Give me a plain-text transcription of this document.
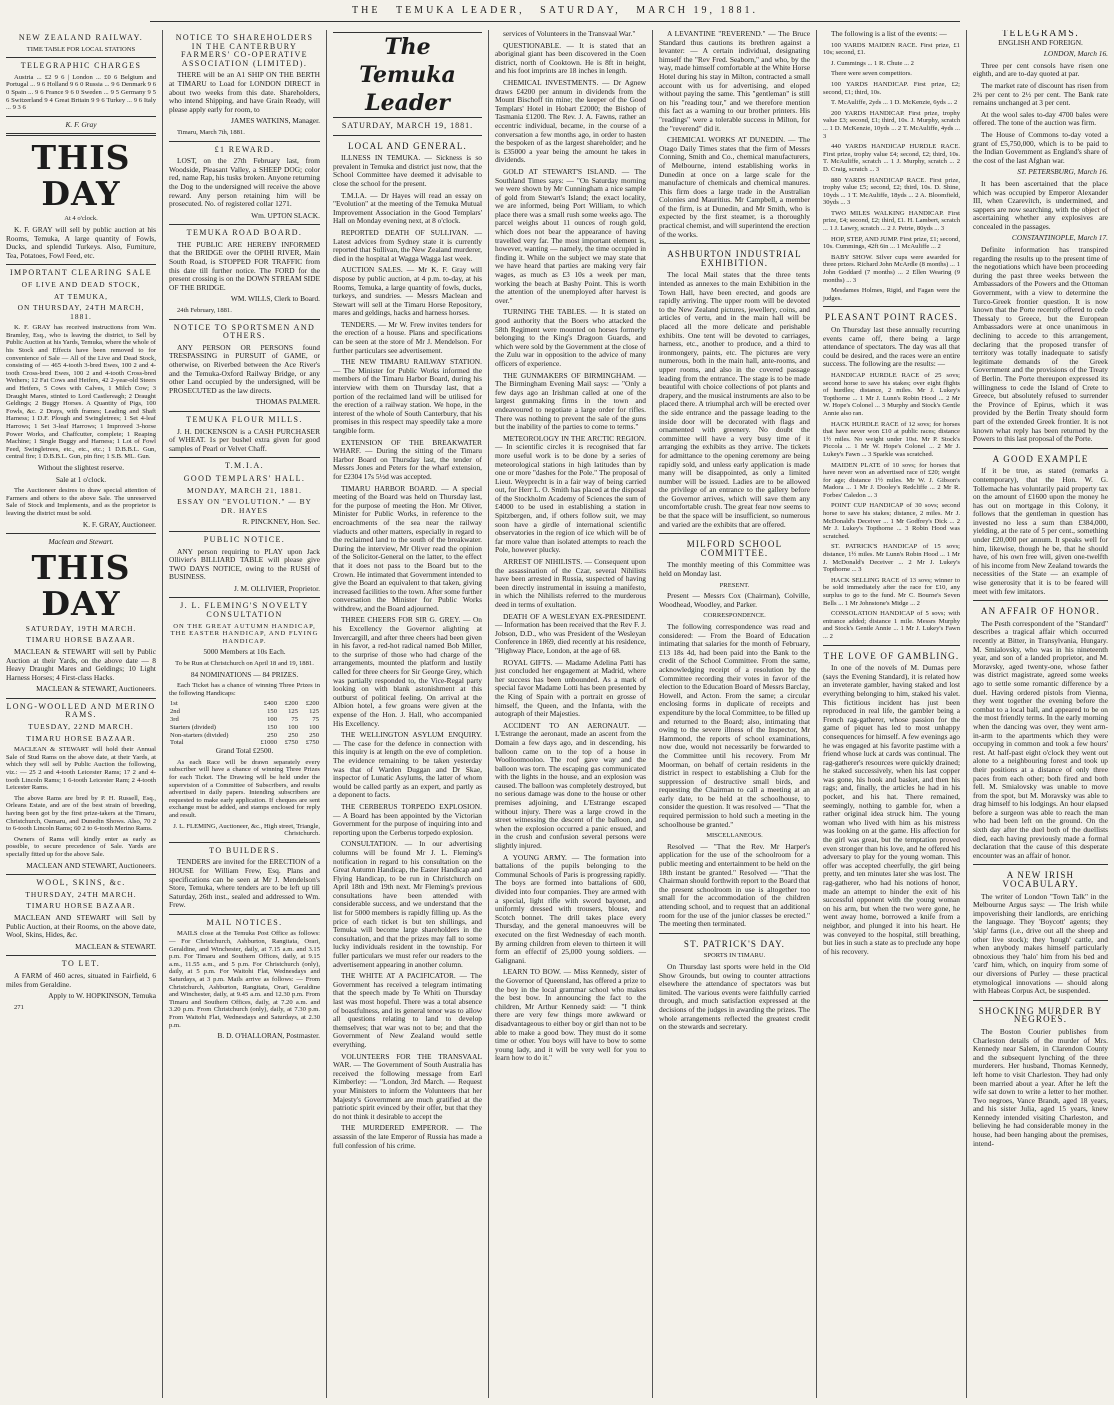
THE TEMUKA LEADER, SATURDAY, MARCH 19, 1881.
NEW ZEALAND RAILWAY.

TIME TABLE FOR LOCAL STATIONS

TELEGRAPHIC CHARGES

Austria ... £2 9 6 | London ... £0 6 Belgium and Portugal ... 9 6 Holland 9 6 0 Russia ... 9 6 Denmark 9 6 0 Spain ... 9 6 France 9 6 0 Sweden ... 9 5 Germany 9 5 6 Switzerland 9 4 Great Britain 9 9 6 Turkey ... 9 6 Italy ... 9 3 6

K. F. Gray

THIS DAY

At 4 o'clock.

K. F. GRAY will sell by public auction at his Rooms, Temuka, A large quantity of Fowls, Ducks, and splendid Turkeys. Also, Furniture, Tea, Potatoes, Fowl Feed, etc.

IMPORTANT CLEARING SALE

OF LIVE AND DEAD STOCK,

AT TEMUKA,

ON THURSDAY, 24TH MARCH, 1881.

K. F. GRAY has received instructions from Wm. Bramley, Esq., who is leaving the district, to Sell by Public Auction at his Yards, Temuka, where the whole of his Stock and Effects have been removed to for convenience of Sale — All of the Live and Dead Stock, consisting of — 465 4-tooth 3-bred Ewes, 100 2 and 4-tooth Cross-bred Ewes, 100 2 and 4-tooth Cross-bred Wethers; 12 Fat Cows and Heifers, 42 2-year-old Steers and Heifers, 5 Cows with Calves, 1 Milch Cow; 3 Draught Mares, stinted to Lord Castlereagh; 2 Draught Geldings; 2 Buggy Horses. A Quantity of Pigs, 100 Fowls, &c. 2 Drays, with frames; Leading and Shaft Harness; 1 D.F. Plough and Swingletrees; 1 Set 4-leaf Harrows; 1 Set 3-leaf Harrows; 1 Improved 3-horse Power Works, and Chaffcutter, complete; 1 Reaping Machine; 1 Single Buggy and Harness; 1 Lot of Fowl Feed, Swingletrees, etc., etc., etc.; 1 D.B.B.L. Gun, central fire; 1 D.B.B.L. Gun, pin fire; 1 S.B. ML. Gun.

Without the slightest reserve.

Sale at 1 o'clock.

The Auctioneer desires to draw special attention of Farmers and others to the above Sale. The unreserved Sale of Stock and Implements, and as the proprietor is leaving the district must be sold.

K. F. GRAY, Auctioneer.

Maclean and Stewart.

THIS DAY

SATURDAY, 19TH MARCH.

TIMARU HORSE BAZAAR.

MACLEAN & STEWART will sell by Public Auction at their Yards, on the above date — 8 Heavy Draught Mares and Geldings; 10 Light Harness Horses; 4 First-class Hacks.

MACLEAN & STEWART, Auctioneers.

LONG-WOOLLED AND MERINO RAMS.

TUESDAY, 22ND MARCH.

TIMARU HORSE BAZAAR.

MACLEAN & STEWART will hold their Annual Sale of Stud Rams on the above date, at their Yards, at which they will sell by Public Auction the following, viz.: — 25 2 and 4-tooth Leicester Rams; 17 2 and 4-tooth Lincoln Rams; 1 6-tooth Leicester Ram; 2 4-tooth Leicester Rams.

The above Rams are bred by P. H. Russell, Esq., Orleans Estate, and are of the best strain of breeding, having been got by the first prize-takers at the Timaru, Christchurch, Oamaru, and Dunedin Shows. Also, 70 2 to 6-tooth Lincoln Rams; 60 2 to 6-tooth Merino Rams.

Owners of Rams will kindly enter as early as possible, to secure precedence of Sale. Yards are specially fitted up for the above Sale.

MACLEAN AND STEWART, Auctioneers.

WOOL, SKINS, &c.

THURSDAY, 24TH MARCH.

TIMARU HORSE BAZAAR.

MACLEAN AND STEWART will Sell by Public Auction, at their Rooms, on the above date, Wool, Skins, Hides, &c.

MACLEAN & STEWART.

TO LET.

A FARM of 460 acres, situated in Fairfield, 6 miles from Geraldine.

Apply to W. HOPKINSON, Temuka

271

NOTICE TO SHAREHOLDERS IN THE CANTERBURY FARMERS' CO-OPERATIVE ASSOCIATION (LIMITED).

THERE will be an A1 SHIP ON THE BERTH at TIMARU to Load for LONDON DIRECT in about two weeks from this date. Shareholders, who intend Shipping, and have Grain Ready, will please apply early for room, to

JAMES WATKINS, Manager.

Timaru, March 7th, 1881.

£1 REWARD.

LOST, on the 27th February last, from Woodside, Pleasant Valley, a SHEEP DOG; color red, name Rap, his tusks broken. Anyone returning the Dog to the undersigned will receive the above reward. Any person retaining him will be prosecuted. No. of registered collar 1271.

Wm. UPTON SLACK.

TEMUKA ROAD BOARD.

THE PUBLIC ARE HEREBY INFORMED that the BRIDGE over the OPIHI RIVER, Main South Road, is STOPPED FOR TRAFFIC from this date till further notice. The FORD for the present crossing is on the DOWN STREAM SIDE OF THE BRIDGE.

WM. WILLS, Clerk to Board.

24th February, 1881.

NOTICE TO SPORTSMEN AND OTHERS.

ANY PERSON OR PERSONS found TRESPASSING in PURSUIT of GAME, or otherwise, on Riverbed between the Ace River's and the Temuka-Oxford Railway Bridge, or any other Land occupied by the undersigned, will be PROSECUTED as the law directs.

THOMAS PALMER.

TEMUKA FLOUR MILLS.

J. H. DICKENSON is a CASH PURCHASER of WHEAT. 1s per bushel extra given for good samples of Pearl or Velvet Chaff.

T.M.I.A.
GOOD TEMPLARS' HALL.

MONDAY, MARCH 21, 1881.

ESSAY ON "EVOLUTION." — BY DR. HAYES

R. PINCKNEY, Hon. Sec.

PUBLIC NOTICE.

ANY person requiring to PLAY upon Jack Ollivier's BILLIARD TABLE will please give TWO DAYS NOTICE, owing to the RUSH of BUSINESS.

J. M. OLLIVIER, Proprietor.

J. L. FLEMING'S NOVELTY CONSULTATION

ON THE GREAT AUTUMN HANDICAP, THE EASTER HANDICAP, AND FLYING HANDICAP.

5000 Members at 10s Each.

To be Run at Christchurch on April 18 and 19, 1881.

84 NOMINATIONS — 84 PRIZES.

Each Ticket has a chance of winning Three Prizes in the following Handicaps:

1st	£400	£200	£200
2nd	150	125	125
3rd	100	75	75
Starters (divided)	150	100	100
Non-starters (divided)	250	250	250
Total	£1000	£750	£750

Grand Total £2500.

As each Race will be drawn separately every subscriber will have a chance of winning Three Prizes for each Ticket. The Drawing will be held under the supervision of a Committee of Subscribers, and results advertised in daily papers. Intending subscribers are requested to make early application. If cheques are sent exchange must be added, and stamps enclosed for reply and result.

J. L. FLEMING, Auctioneer, &c., High street, Triangle, Christchurch.

TO BUILDERS.

TENDERS are invited for the ERECTION of a HOUSE for William Frew, Esq. Plans and specifications can be seen at Mr J. Mendelson's Store, Temuka, where tenders are to be left up till Saturday, 26th inst., sealed and addressed to Wm. Frew.

MAIL NOTICES.

MAILS close at the Temuka Post Office as follows: — For Christchurch, Ashburton, Rangitata, Orari, Geraldine, and Winchester, daily, at 7.15 a.m. and 3.15 p.m. For Timaru and Southern Offices, daily, at 9.15 a.m., 11.55 a.m., and 5 p.m. For Christchurch (only), daily, at 5 p.m. For Waitohi Flat, Wednesdays and Saturdays, at 3 p.m. Mails arrive as follows: — From Christchurch, Ashburton, Rangitata, Orari, Geraldine and Winchester, daily, at 9.45 a.m. and 12.30 p.m. From Timaru and Southern Offices, daily, at 7.20 a.m. and 3.20 p.m. From Christchurch (only), daily, at 7.30 p.m. From Waitohi Flat, Wednesdays and Saturdays, at 2.30 p.m.

B. D. O'HALLORAN, Postmaster.

The Temuka Leader
SATURDAY, MARCH 19, 1881.
LOCAL AND GENERAL.

ILLNESS IN TEMUKA. — Sickness is so prevalent in Temuka and district just now, that the School Committee have deemed it advisable to close the school for the present.

T.M.I.A. — Dr Hayes will read an essay on "Evolution" at the meeting of the Temuka Mutual Improvement Association in the Good Templars' Hall on Monday evening next, at 8 o'clock.

REPORTED DEATH OF SULLIVAN. — Latest advices from Sydney state it is currently reported that Sullivan, the New Zealand murderer, died in the hospital at Wagga Wagga last week.

AUCTION SALES. — Mr K. F. Gray will dispose by public auction, at 4 p.m. to-day, at his Rooms, Temuka, a large quantity of fowls, ducks, turkeys, and sundries. — Messrs Maclean and Stewart will sell at the Timaru Horse Repository, mares and geldings, hacks and harness horses.

TENDERS. — Mr W. Frew invites tenders for the erection of a house. Plans and specifications can be seen at the store of Mr J. Mendelson. For further particulars see advertisement.

THE NEW TIMARU RAILWAY STATION. — The Minister for Public Works informed the members of the Timaru Harbor Board, during his interview with them on Thursday last, that a portion of the reclaimed land will be utilised for the erection of a railway station. We hope, in the interest of the whole of South Canterbury, that his promises in this respect may speedily take a more tangible form.

EXTENSION OF THE BREAKWATER WHARF. — During the sitting of the Timaru Harbor Board on Thursday last, the tender of Messrs Jones and Peters for the wharf extension, for £2304 17s 5½d was accepted.

TIMARU HARBOR BOARD. — A special meeting of the Board was held on Thursday last, for the purpose of meeting the Hon. Mr Oliver, Minister for Public Works, in reference to the encroachments of the sea near the railway viaducts and other matters, especially in regard to the reclaimed land to the south of the breakwater. During the interview, Mr Oliver read the opinion of the Solicitor-General on the latter, to the effect that it does not pass to the Board but to the Crown. He intimated that Government intended to give the Board an equivalent to that taken, giving increased facilities to the town. After some further conversation the Minister for Public Works withdrew, and the Board adjourned.

THREE CHEERS FOR SIR G. GREY. — On his Excellency the Governor alighting at Invercargill, and after three cheers had been given in his favor, a red-hot radical named Bob Miller, to the surprise of those who had charge of the arrangements, mounted the platform and lustily called for three cheers for Sir George Grey, which was partially responded to, the Vice-Regal party looking on with blank astonishment at this outburst of political feeling. On arrival at the Albion hotel, a few groans were given at the expense of the Hon. J. Hall, who accompanied His Excellency.

THE WELLINGTON ASYLUM ENQUIRY. — The case for the defence in connection with this inquiry is at length on the eve of completion. The evidence remaining to be taken yesterday was that of Warden Duggan and Dr Skae, inspector of Lunatic Asylums, the latter of whom would be called partly as an expert, and partly as a deponent to facts.

THE CERBERUS TORPEDO EXPLOSION. — A Board has been appointed by the Victorian Government for the purpose of inquiring into and reporting upon the Cerberus torpedo explosion.

CONSULTATION. — In our advertising columns will be found Mr J. L. Fleming's notification in regard to his consultation on the Great Autumn Handicap, the Easter Handicap and Flying Handicap, to be run in Christchurch on April 18th and 19th next. Mr Fleming's previous consultations have been attended with considerable success, and we understand that the list for 5000 members is rapidly filling up. As the price of each ticket is but ten shillings, and Temuka will become large shareholders in the consultation, and that the prizes may fall to some lucky individuals resident in the township. For fuller particulars we must refer our readers to the advertisement appearing in another column.

THE WHITE AT A PACIFICATOR. — The Government has received a telegram intimating that the speech made by Te Whiti on Thursday last was most hopeful. There was a total absence of boastfulness, and its general tenor was to allow all questions relating to land to develop themselves; that war was not to be; and that the Government of New Zealand would settle everything.

VOLUNTEERS FOR THE TRANSVAAL WAR. — The Government of South Australia has received the following message from Earl Kimberley: — "London, 3rd March. — Request your Ministers to inform the Volunteers that her Majesty's Government are much gratified at the patriotic spirit evinced by their offer, but that they do not think it desirable to accept the

THE MURDERED EMPEROR. — The assassin of the late Emperor of Russia has made a full confession of his crime.

services of Volunteers in the Transvaal War."

QUESTIONABLE. — It is stated that an aboriginal giant has been discovered in the Coen district, north of Cooktown. He is 8ft in height, and his foot imprints are 18 inches in length.

CHEMICAL INVESTMENTS. — Dr Agnew draws £4200 per annum in dividends from the Mount Bischoff tin mine; the keeper of the Good Templars' Hotel in Hobart £2000; the Bishop of Tasmania £1200. The Rev. J. A. Fawns, rather an eccentric individual, became, in the course of a conversation a few months ago, in order to hasten the bespoken of as the largest shareholder; and he is £35000 a year being the amount he takes in dividends.

GOLD AT STEWART'S ISLAND. — The Southland Times says: — "On Saturday morning we were shown by Mr Cunningham a nice sample of gold from Stewart's Island; the exact locality, we are informed, being Port William, to which place there was a small rush some weeks ago. The parcel weighs about 11 ounces of rough gold, which does not bear the appearance of having travelled very far. The most important element is, however, wanting — namely, the time occupied in finding it. While on the subject we may state that we have heard that parties are making very fair wages, as much as £3 10s a week per man, working the beach at Bashy Point. This is worth the attention of the unemployed after harvest is over."

TURNING THE TABLES. — It is stated on good authority that the Boers who attacked the 58th Regiment were mounted on horses formerly belonging to the King's Dragoon Guards, and which were sold by the Government at the close of the Zulu war in opposition to the advice of many officers of experience.

THE GUNMAKERS OF BIRMINGHAM. — The Birmingham Evening Mail says: — "Only a few days ago an Irishman called at one of the largest gunmaking firms in the town and endeavoured to negotiate a large order for rifles. There was nothing to prevent the sale of the guns but the inability of the parties to come to terms."

METEOROLOGY IN THE ARCTIC REGION. — In scientific circles it is recognised that far more useful work is to be done by a series of meteorological stations in high latitudes than by one or more "dashes for the Pole." The proposal of Lieut. Weyprecht is in a fair way of being carried out, for Herr L. O. Smith has placed at the disposal of the Stockholm Academy of Sciences the sum of £4000 to be used in establishing a station in Spitzbergen, and, if others follow suit, we may soon have a girdle of international scientific observatories in the region of ice which will be of far more value than isolated attempts to reach the Pole, however plucky.

ARREST OF NIHILISTS. — Consequent upon the assassination of the Czar, several Nihilists have been arrested in Russia, suspected of having been directly instrumental in issuing a manifesto, in which the Nihilists referred to the murderous deed in terms of exultation.

DEATH OF A WESLEYAN EX-PRESIDENT. — Information has been received that the Rev F. J. Jobson, D.D., who was President of the Wesleyan Conference in 1869, died recently at his residence, "Highway Place, London, at the age of 68.

ROYAL GIFTS. — Madame Adelina Patti has just concluded her engagement at Madrid, where her success has been unbounded. As a mark of special favor Madame Lotti has been presented by the King of Spain with a portrait en grosse of himself, the Queen, and the Infanta, with the autograph of their Majesties.

ACCIDENT TO AN AERONAUT. — L'Estrange the aeronaut, made an ascent from the Domain a few days ago, and in descending, his balloon came on to the top of a house in Woolloomooloo. The roof gave way and the balloon was torn. The escaping gas communicated with the lights in the house, and an explosion was caused. The balloon was completely destroyed, but no serious damage was done to the house or other premises adjoining, and L'Estrange escaped without injury. There was a large crowd in the street witnessing the descent of the balloon, and when the explosion occurred a panic ensued, and in the crush and confusion several persons were slightly injured.

A YOUNG ARMY. — The formation into battalions of the pupils belonging to the Communal Schools of Paris is progressing rapidly. The boys are formed into battalions of 600, divided into four companies. They are armed with a special, light rifle with sword bayonet, and uniformly dressed with trousers, blouse, and Scotch bonnet. The drill takes place every Thursday, and the general manoeuvres will be executed on the first Wednesday of each month. By arming children from eleven to thirteen it will form an effectif of 25,000 young soldiers. — Galignani.

LEARN TO BOW. — Miss Kennedy, sister of the Governor of Queensland, has offered a prize to the boy in the local grammar school who makes the best bow. In announcing the fact to the children, Mr Arthur Kennedy said: — "I think there are very few things more awkward or disadvantageous to either boy or girl than not to be able to make a good bow. They must do it some time or other. You boys will have to bow to some young lady, and it will be very well for you to learn how to do it."

A LEVANTINE "REVEREND." — The Bruce Standard thus cautions its brethren against a levanter: — A certain individual, designating himself the "Rev Fred. Seaborn," and who, by the way, made himself comfortable at the White Horse Hotel during his stay in Milton, contracted a small account with us for advertising, and eloped without paying the same. This "gentleman" is still on his "reading tour," and we therefore mention this fact as a warning to our brother printers. His "readings" were a tolerable success in Milton, for the "reverend" did it.

CHEMICAL WORKS AT DUNEDIN. — The Otago Daily Times states that the firm of Messrs Conning, Smith and Co., chemical manufacturers, of Melbourne, intend establishing works in Dunedin at once on a large scale for the manufacture of chemicals and chemical manures. This firm does a large trade in the Australian Colonies and Mauritius. Mr Campbell, a member of the firm, is at Dunedin, and Mr Smith, who is expected by the first steamer, is a thoroughly practical chemist, and will superintend the erection of the works.

ASHBURTON INDUSTRIAL EXHIBITION.

The local Mail states that the three tents intended as annexes to the main Exhibition in the Town Hall, have been erected, and goods are rapidly arriving. The upper room will be devoted to the New Zealand pictures, jewellery, coins, and articles of vertu, and in the main hall will be placed all the more delicate and perishable exhibits. One tent will be devoted to carriages, harness, etc., another to produce, and a third to ironmongery, paints, etc. The pictures are very numerous, both in the main hall, ante-rooms, and upper rooms, and also in the covered passage leading from the entrance. The stage is to be made beautiful with choice collections of pot plants and drapery, and the musical instruments are also to be placed there. A triumphal arch will be erected over the side entrance and the passage leading to the inside door will be decorated with flags and ornamented with greenery. No doubt the committee will have a very busy time of it arranging the exhibits as they arrive. The tickets for admittance to the opening ceremony are being rapidly sold, and unless early application is made many will be disappointed, as only a limited number will be issued. Ladies are to be allowed the privilege of an entrance to the gallery before the Governor arrives, which will save them any uncomfortable crush. The great fear now seems to be that the space will be insufficient, so numerous and varied are the exhibits that are offered.

MILFORD SCHOOL COMMITTEE.

The monthly meeting of this Committee was held on Monday last.

PRESENT.

Present — Messrs Cox (Chairman), Colville, Woodhead, Woodley, and Parker.

CORRESPONDENCE.

The following correspondence was read and considered: — From the Board of Education intimating that salaries for the month of February, £13 18s 4d, had been paid into the Bank to the credit of the School Committee. From the same, acknowledging receipt of a resolution by the Committee recording their votes in favor of the election to the Education Board of Messrs Barclay, Howell, and Acton. From the same; a circular enclosing forms in duplicate of receipts and expenditure by the local Committee, to be filled up and returned to the Board; also, intimating that owing to the severe illness of the Inspector, Mr Hammond, the reports of school examinations, now due, would not necessarily be forwarded to the Committee until his recovery. From Mr Moorman, on behalf of certain residents in the district in respect to establishing a Club for the suppression of destructive small birds, and requesting the Chairman to call a meeting at an early date, to be held at the schoolhouse, to consider the question. It was resolved — "That the required permission to hold such a meeting in the schoolhouse be granted."

MISCELLANEOUS.

Resolved — "That the Rev. Mr Harper's application for the use of the schoolroom for a public meeting and entertainment to be held on the 18th instant be granted." Resolved — "That the Chairman should forthwith report to the Board that the present schoolroom in use is altogether too small for the accommodation of the children attending school, and to request that an additional room for the use of the junior classes be erected." The meeting then terminated.

ST. PATRICK'S DAY.

SPORTS IN TIMARU.

On Thursday last sports were held in the Old Show Grounds, but owing to counter attractions elsewhere the attendance of spectators was but limited. The various events were faithfully carried through, and much satisfaction expressed at the decisions of the judges in awarding the prizes. The whole arrangements reflected the greatest credit on the stewards and secretary.

The following is a list of the events: —

100 YARDS MAIDEN RACE. First prize, £1 10s; second, £1.

J. Cummings ... 1 R. Chute ... 2

There were seven competitors.

100 YARDS HANDICAP. First prize, £2; second, £1; third, 10s.

T. McAuliffe, 2yds ... 1 D. McKenzie, 6yds ... 2

200 YARDS HANDICAP. First prize, trophy value £3; second, £1; third, 10s. J. Murphy, scratch ... 1 D. McKenzie, 10yds ... 2 T. McAuliffe, 4yds ... 3

440 YARDS HANDICAP HURDLE RACE. First prize, trophy value £4; second, £2; third, 10s. T. McAuliffe, scratch ... 1 J. Murphy, scratch ... 2 D. Craig, scratch ... 3

880 YARDS HANDICAP RACE. First prize, trophy value £5; second, £2; third, 10s. D. Shine, 10yds ... 1 T. McAuliffe, 18yds ... 2 A. Bloomfield, 30yds ... 3

TWO MILES WALKING HANDICAP. First prize, £4; second, £2; third, £1. H. Lambert, scratch ... 1 J. Lawry, scratch ... 2 J. Petrie, 80yds ... 3

HOP, STEP, AND JUMP. First prize, £1; second, 10s. Cummings, 42ft 6in ... 1 McAuliffe ... 2

BABY SHOW. Silver cups were awarded for three prizes. Richard John McArdle (8 months) ... 1 John Goddard (7 months) ... 2 Ellen Wearing (9 months) ... 3

Mesdames Holmes, Rigid, and Fagan were the judges.

PLEASANT POINT RACES.

On Thursday last these annually recurring events came off, there being a large attendance of spectators. The day was all that could be desired, and the races were an entire success. The following are the results: —

HANDICAP HURDLE RACE of 25 sovs; second horse to save his stakes; over eight flights of hurdles; distance, 2 miles. Mr J. Lukey's Topthorne ... 1 Mr J. Lunn's Robin Hood ... 2 Mr W. Hope's Colonel ... 3 Murphy and Stock's Gentle Annie also ran.

HACK HURDLE RACE of 12 sovs; for horses that have never won £10 at public races; distance 1½ miles. No weight under 10st. Mr P. Stock's Piccola ... 1 Mr W. Hope's Colonel ... 2 Mr J. Lukey's Fawn ... 3 Sparkle was scratched.

MAIDEN PLATE of 10 sovs; for horses that have never won an advertised race of £20; weight for age; distance 1½ miles. Mr W. J. Gibson's Madora ... 1 Mr J. Dooley's Redcliffe ... 2 Mr R. Forbes' Caledon ... 3

POINT CUP HANDICAP of 30 sovs; second horse to save his stakes; distance, 2 miles. Mr J. McDonald's Deceiver ... 1 Mr Godfrey's Dick ... 2 Mr J. Lukey's Topthorne ... 3 Robin Hood was scratched.

ST. PATRICK'S HANDICAP of 15 sovs; distance, 1½ miles. Mr Lunn's Robin Hood ... 1 Mr J. McDonald's Deceiver ... 2 Mr J. Lukey's Topthorne ... 3

HACK SELLING RACE of 13 sovs; winner to be sold immediately after the race for £10, any surplus to go to the fund. Mr C. Bourne's Seven Bells ... 1 Mr Johnstone's Midge ... 2

CONSOLATION HANDICAP of 5 sovs; with entrance added; distance 1 mile. Messrs Murphy and Stock's Gentle Annie ... 1 Mr J. Lukey's Fawn ... 2

THE LOVE OF GAMBLING.

In one of the novels of M. Dumas pere (says the Evening Standard), it is related how an inveterate gambler, having staked and lost everything belonging to him, staked his valet. This fictitious incident has just been reproduced in real life, the gambler being a French rag-gatherer, whose passion for the game of piquet has led to most unhappy consequences for himself. A few evenings ago he was engaged at his favorite pastime with a friend whose luck at cards was continual. The rag-gatherer's resources were quickly drained; he staked successively, when his last copper was gone, his hook and basket, and then his rags; and, finally, the articles he had in his pocket, and his hat. There remained, seemingly, nothing to gamble for, when a rather original idea struck him. The young woman who lived with him as his mistress was looking on at the game. His affection for the girl was great, but the temptation proved even stronger than his love, and he offered his adversary to play for the young woman. This offer was accepted cheerfully, the girl being pretty, and ten minutes later she was lost. The rag-gatherer, who had his notions of honor, made an attempt to hinder the exit of his successful opponent with the young woman on his arm, but when the two were gone, he went away home, borrowed a knife from a neighbor, and plunged it into his heart. He was conveyed to the hospital, still breathing, but lies in such a state as to preclude any hope of his recovery.

TELEGRAMS.

ENGLISH AND FOREIGN.

LONDON, March 16.

Three per cent consols have risen one eighth, and are to-day quoted at par.

The market rate of discount has risen from 2¾ per cent to 2½ per cent. The Bank rate remains unchanged at 3 per cent.

At the wool sales to-day 4700 bales were offered. The tone of the auction was firm.

The House of Commons to-day voted a grant of £5,750,000, which is to be paid to the Indian Government as England's share of the cost of the last Afghan war.

ST. PETERSBURG, March 16.

It has been ascertained that the place which was occupied by Emperor Alexander III, when Czarevitch, is undermined, and sappers are now searching, with the object of ascertaining whether any explosives are concealed in the passages.

CONSTANTINOPLE, March 17.

Definite information has transpired regarding the results up to the present time of the negotiations which have been proceeding during the past three weeks between the Ambassadors of the Powers and the Ottoman Government, with a view to determine the Turco-Greek frontier question. It is now known that the Porte recently offered to cede Thessaly to Greece, but the European Ambassadors were at once unanimous in declining to accede to this arrangement, declaring that the proposed transfer of territory was totally inadequate to satisfy legitimate demands of the Greek Government and the provisions of the Treaty of Berlin. The Porte thereupon expressed its willingness to cede the Island of Crete to Greece, but absolutely refused to surrender the Province of Epirus, which it was provided by the Berlin Treaty should form part of the extended Greek frontier. It is not known what reply has been returned by the Powers to this last proposal of the Porte.

A GOOD EXAMPLE

If it be true, as stated (remarks a contemporary), that the Hon. W. G. Tollemache has voluntarily paid property tax on the amount of £1600 upon the money he has out on mortgage in this Colony, it follows that the gentleman in question has invested no less a sum than £384,000, yielding, at the rate of 5 per cent., something under £20,000 per annum. It speaks well for him, likewise, though he be, that he should have, of his own free will, given one-twelfth of his income from New Zealand towards the necessities of the State — an example of wise generosity that it is to be feared will meet with few imitators.

AN AFFAIR OF HONOR.

The Pesth correspondent of the "Standard" describes a tragical affair which occurred recently at Bitter, in Transylvania, Hungary. M. Smialovsky, who was in his nineteenth year, and son of a landed proprietor, and M. Moravsky, aged twenty-one, whose father was district magistrate, agreed some weeks ago to settle some romantic difference by a duel. Having ordered pistols from Vienna, they went together the evening before the combat to a local ball, and appeared to be on the most friendly terms. In the early morning when the dancing was over, they went arm-in-arm to the apartments which they were occupying in common and took a few hours' rest. At half-past eight o'clock they went out alone to a neighbouring forest and took up their positions at a distance of only three paces from each other; both fired and both fell. M. Smialovsky was unable to move from the spot, but M. Moravsky was able to drag himself to his lodgings. An hour elapsed before a surgeon was able to reach the man who had been left on the ground. On the sixth day after the duel both of the duellists died, each having previously made a formal declaration that the cause of this desperate encounter was an affair of honor.

A NEW IRISH VOCABULARY.

The writer of London "Town Talk" in the Melbourne Argus says: — The Irish while impoverishing their landlords, are enriching the language. They 'Boycott' agents; they 'skip' farms (i.e., drive out all the sheep and other live stock); they 'hough' cattle, and when anybody makes himself particularly obnoxious they 'halo' him from his bed and 'card' him, which, on inquiry from some of our diversions of Purley — these practical etymological innovations — should along with Habeas Corpus Act, be suspended.

SHOCKING MURDER BY NEGROES.

The Boston Courier publishes from Charleston details of the murder of Mrs. Kennedy near Salem, in Clarendon County and the subsequent lynching of the three murderers. Her husband, Thomas Kennedy, left home to visit Charleston. They had only been married about a year. After he left the wife sat down to write a letter to her mother. Two negroes, Vance Brandt, aged 18 years, and his sister Julia, aged 15 years, knew Kennedy intended visiting Charleston, and believing he had considerable money in the house, had been hanging about the premises, intend-
